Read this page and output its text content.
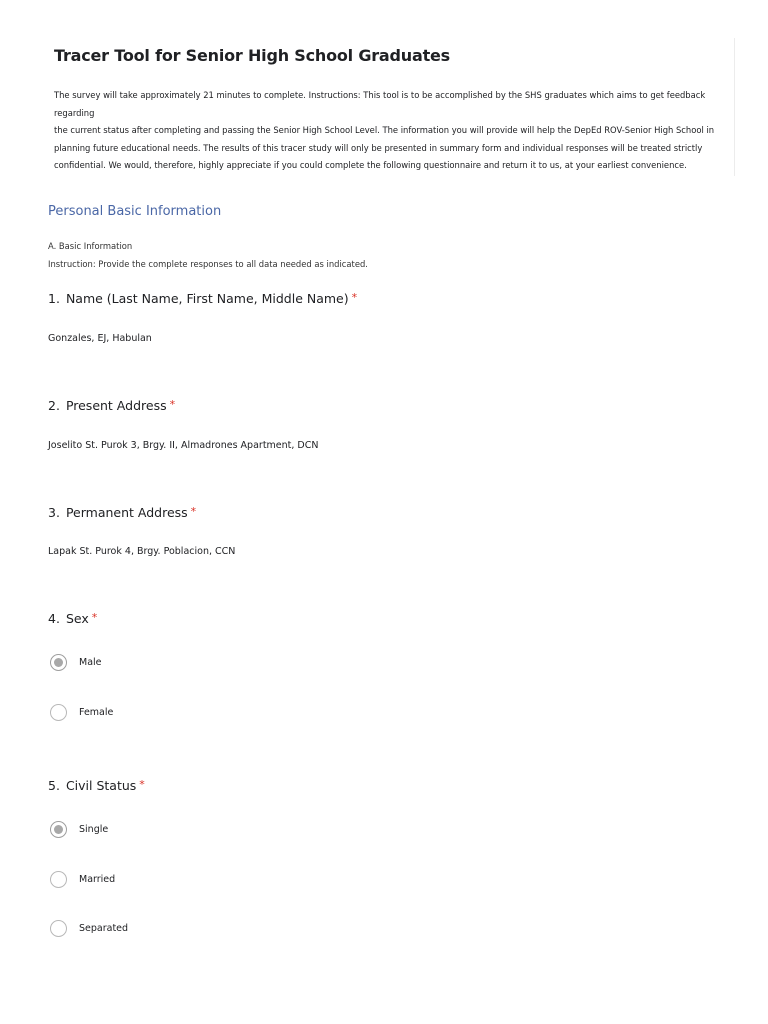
Tracer Tool for Senior High School Graduates
The survey will take approximately 21 minutes to complete. Instructions: This tool is to be accomplished by the SHS graduates which aims to get feedback regarding
the current status after completing and passing the Senior High School Level. The information you will provide will help the DepEd ROV-Senior High School in
planning future educational needs. The results of this tracer study will only be presented in summary form and individual responses will be treated strictly
confidential. We would, therefore, highly appreciate if you could complete the following questionnaire and return it to us, at your earliest convenience.
Personal Basic Information
A. Basic Information
Instruction: Provide the complete responses to all data needed as indicated.
1. Name (Last Name, First Name, Middle Name) *
Gonzales, EJ, Habulan
2. Present Address *
Joselito St. Purok 3, Brgy. II, Almadrones Apartment, DCN
3. Permanent Address *
Lapak St. Purok 4, Brgy. Poblacion, CCN
4. Sex *
Male
Female
5. Civil Status *
Single
Married
Separated
